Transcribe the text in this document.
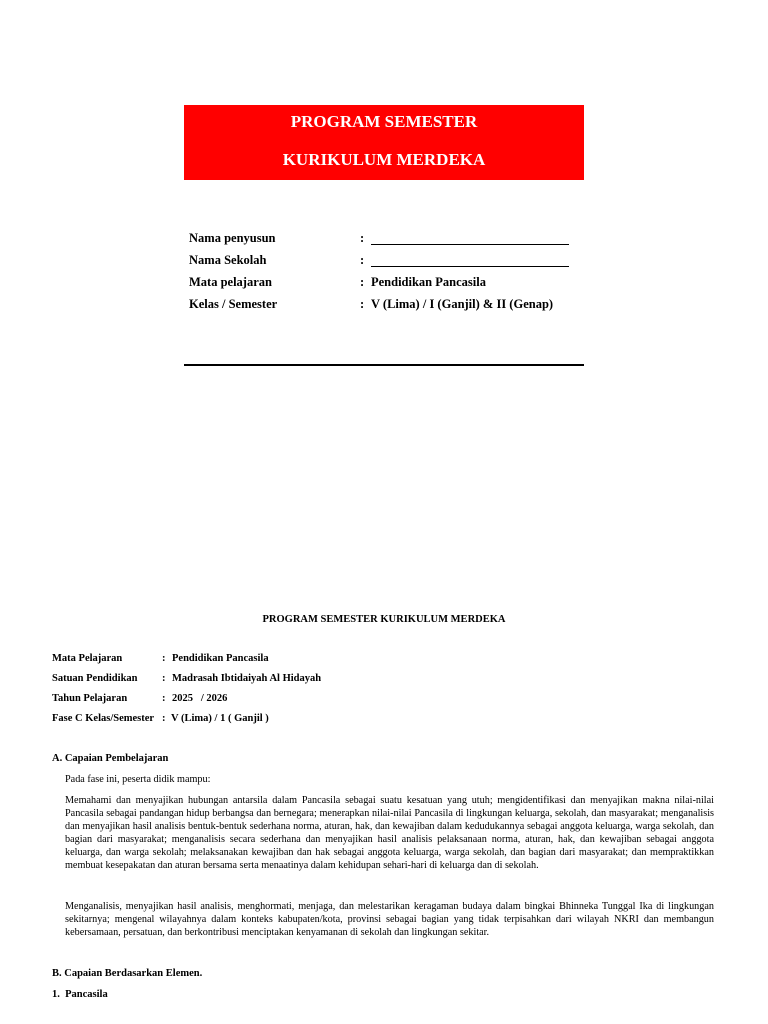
PROGRAM SEMESTER
KURIKULUM MERDEKA
Nama penyusun	:
Nama Sekolah	:
Mata pelajaran	: Pendidikan Pancasila
Kelas / Semester	: V (Lima) / I (Ganjil) & II (Genap)
PROGRAM SEMESTER KURIKULUM MERDEKA
Mata Pelajaran	: Pendidikan Pancasila
Satuan Pendidikan : Madrasah Ibtidaiyah Al Hidayah
Tahun Pelajaran	: 2025   / 2026
Fase C Kelas/Semester : V (Lima) / 1 ( Ganjil )
A. Capaian Pembelajaran
Pada fase ini, peserta didik mampu:
Memahami dan menyajikan hubungan antarsila dalam Pancasila sebagai suatu kesatuan yang utuh; mengidentifikasi dan menyajikan makna nilai-nilai Pancasila sebagai pandangan hidup berbangsa dan bernegara; menerapkan nilai-nilai Pancasila di lingkungan keluarga, sekolah, dan masyarakat; menganalisis dan menyajikan hasil analisis bentuk-bentuk sederhana norma, aturan, hak, dan kewajiban dalam kedudukannya sebagai anggota keluarga, warga sekolah, dan bagian dari masyarakat; menganalisis secara sederhana dan menyajikan hasil analisis pelaksanaan norma, aturan, hak, dan kewajiban sebagai anggota keluarga, dan warga sekolah; melaksanakan kewajiban dan hak sebagai anggota keluarga, warga sekolah, dan bagian dari masyarakat; dan mempraktikkan membuat kesepakatan dan aturan bersama serta menaatinya dalam kehidupan sehari-hari di keluarga dan di sekolah.
Menganalisis, menyajikan hasil analisis, menghormati, menjaga, dan melestarikan keragaman budaya dalam bingkai Bhinneka Tunggal Ika di lingkungan sekitarnya; mengenal wilayahnya dalam konteks kabupaten/kota, provinsi sebagai bagian yang tidak terpisahkan dari wilayah NKRI dan membangun kebersamaan, persatuan, dan berkontribusi menciptakan kenyamanan di sekolah dan lingkungan sekitar.
B. Capaian Berdasarkan Elemen.
1.  Pancasila
